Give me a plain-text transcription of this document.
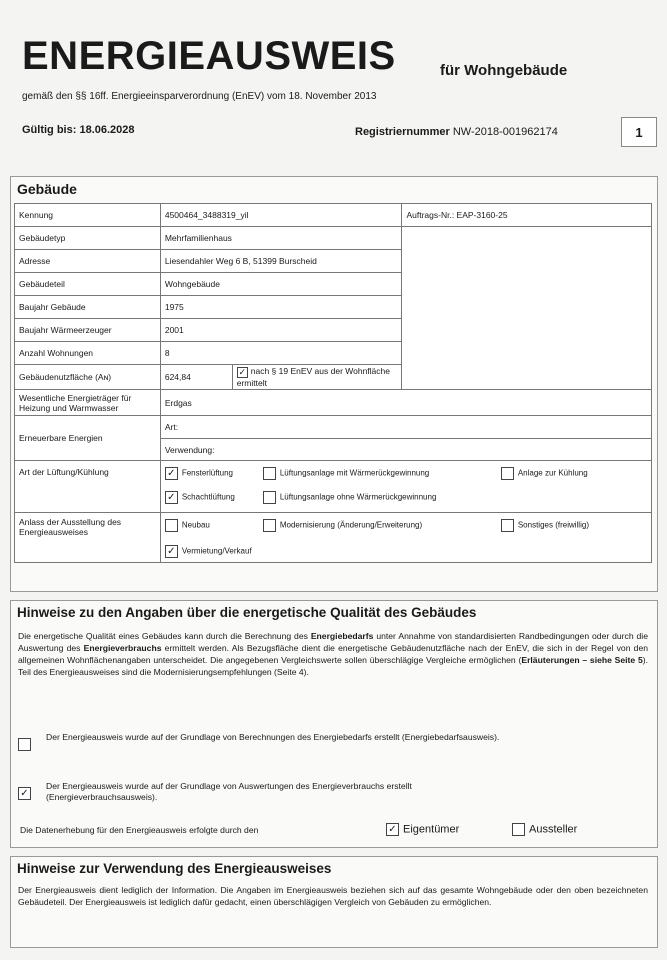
ENERGIEAUSWEIS	für Wohngebäude
gemäß den §§ 16ff. Energieeinsparverordnung (EnEV) vom 18. November 2013
Gültig bis: 18.06.2028	Registriernummer NW-2018-001962174	1
Gebäude
Kennung	4500464_3488319_yil		Auftrags-Nr.: EAP-3160-25
Gebäudetyp	Mehrfamilienhaus		
Adresse	Liesendahler Weg 6 B, 51399 Burscheid		
Gebäudeteil	Wohngebäude		
Baujahr Gebäude	1975		
Baujahr Wärmeerzeuger	2001		
Anzahl Wohnungen	8		
Gebäudenutzfläche (Aɴ)	624,84	✓ nach § 19 EnEV aus der Wohnfläche ermittelt	
Wesentliche Energieträger für Heizung und Warmwasser	Erdgas		
Erneuerbare Energien	Art:		
	Verwendung:		
Art der Lüftung/Kühlung	✓ Fensterlüftung Lüftungsanlage mit Wärmerückgewinnung Anlage zur Kühlung
✓ Schachtlüftung Lüftungsanlage ohne Wärmerückgewinnung		

Anlass der Ausstellung des Energieausweises	Neubau Modernisierung (Änderung/Erweiterung) Sonstiges (freiwillig)
✓ Vermietung/Verkauf		
Hinweise zu den Angaben über die energetische Qualität des Gebäudes
Die energetische Qualität eines Gebäudes kann durch die Berechnung des Energiebedarfs unter Annahme von standardisierten Randbedingungen oder durch die Auswertung des Energieverbrauchs ermittelt werden. Als Bezugsfläche dient die energetische Gebäudenutzfläche nach der EnEV, die sich in der Regel von den allgemeinen Wohnflächenangaben unterscheidet. Die angegebenen Vergleichswerte sollen überschlägige Vergleiche ermöglichen (Erläuterungen – siehe Seite 5). Teil des Energieausweises sind die Modernisierungsempfehlungen (Seite 4).
Der Energieausweis wurde auf der Grundlage von Berechnungen des Energiebedarfs erstellt (Energiebedarfsausweis).
✓
Der Energieausweis wurde auf der Grundlage von Auswertungen des Energieverbrauchs erstellt (Energieverbrauchsausweis).
Die Datenerhebung für den Energieausweis erfolgte durch den	✓ Eigentümer	Aussteller
Hinweise zur Verwendung des Energieausweises
Der Energieausweis dient lediglich der Information. Die Angaben im Energieausweis beziehen sich auf das gesamte Wohngebäude oder den oben bezeichneten Gebäudeteil. Der Energieausweis ist lediglich dafür gedacht, einen überschlägigen Vergleich von Gebäuden zu ermöglichen.
